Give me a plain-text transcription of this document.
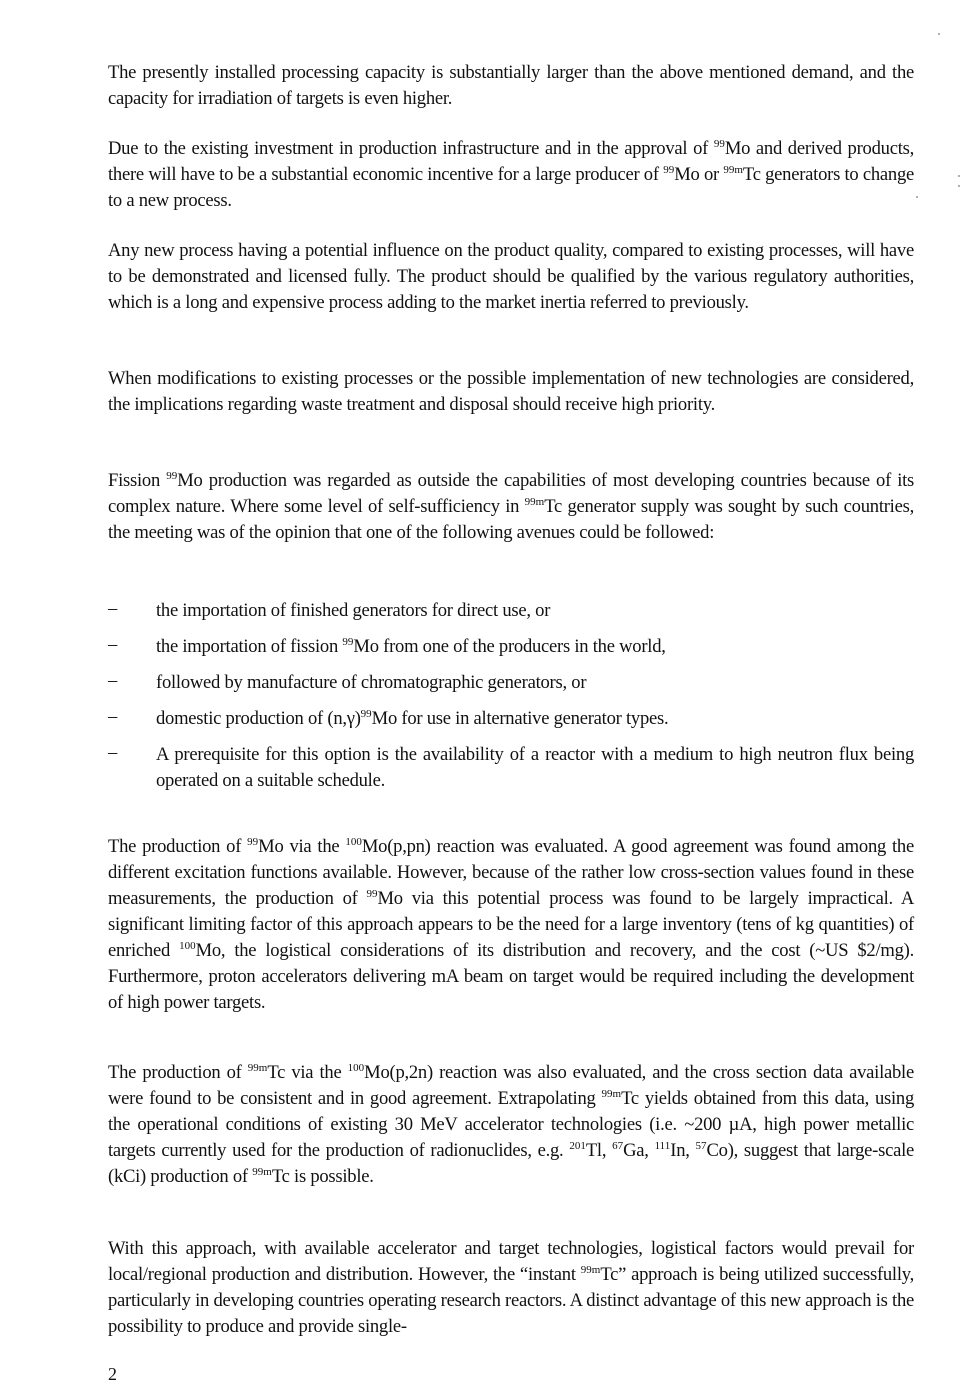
The presently installed processing capacity is substantially larger than the above mentioned demand, and the capacity for irradiation of targets is even higher.

Due to the existing investment in production infrastructure and in the approval of $^{99}$Mo and derived products, there will have to be a substantial economic incentive for a large producer of $^{99}$Mo or $^{99m}$Tc generators to change to a new process.

Any new process having a potential influence on the product quality, compared to existing processes, will have to be demonstrated and licensed fully. The product should be qualified by the various regulatory authorities, which is a long and expensive process adding to the market inertia referred to previously.

When modifications to existing processes or the possible implementation of new technologies are considered, the implications regarding waste treatment and disposal should receive high priority.

Fission $^{99}$Mo production was regarded as outside the capabilities of most developing countries because of its complex nature. Where some level of self-sufficiency in $^{99m}$Tc generator supply was sought by such countries, the meeting was of the opinion that one of the following avenues could be followed:

–	the importation of finished generators for direct use, or
–	the importation of fission $^{99}$Mo from one of the producers in the world,
–	followed by manufacture of chromatographic generators, or
–	domestic production of $(n,\gamma)^{99}Mo$ for use in alternative generator types.
–	A prerequisite for this option is the availability of a reactor with a medium to high neutron flux being operated on a suitable schedule.

The production of $^{99}$Mo via the $^{100}$Mo(p,pn) reaction was evaluated. A good agreement was found among the different excitation functions available. However, because of the rather low cross-section values found in these measurements, the production of $^{99}$Mo via this potential process was found to be largely impractical. A significant limiting factor of this approach appears to be the need for a large inventory (tens of kg quantities) of enriched $^{100}$Mo, the logistical considerations of its distribution and recovery, and the cost (~US $2/mg). Furthermore, proton accelerators delivering mA beam on target would be required including the development of high power targets.

The production of $^{99m}$Tc via the $^{100}$Mo(p,2n) reaction was also evaluated, and the cross section data available were found to be consistent and in good agreement. Extrapolating $^{99m}$Tc yields obtained from this data, using the operational conditions of existing 30 MeV accelerator technologies (i.e. ~200 µA, high power metallic targets currently used for the production of radionuclides, e.g. $^{201}$Tl, $^{67}$Ga, $^{111}$In, $^{57}$Co), suggest that large-scale (kCi) production of $^{99m}$Tc is possible.

With this approach, with available accelerator and target technologies, logistical factors would prevail for local/regional production and distribution. However, the “instant $^{99m}$Tc” approach is being utilized successfully, particularly in developing countries operating research reactors. A distinct advantage of this new approach is the possibility to produce and provide single-

2
